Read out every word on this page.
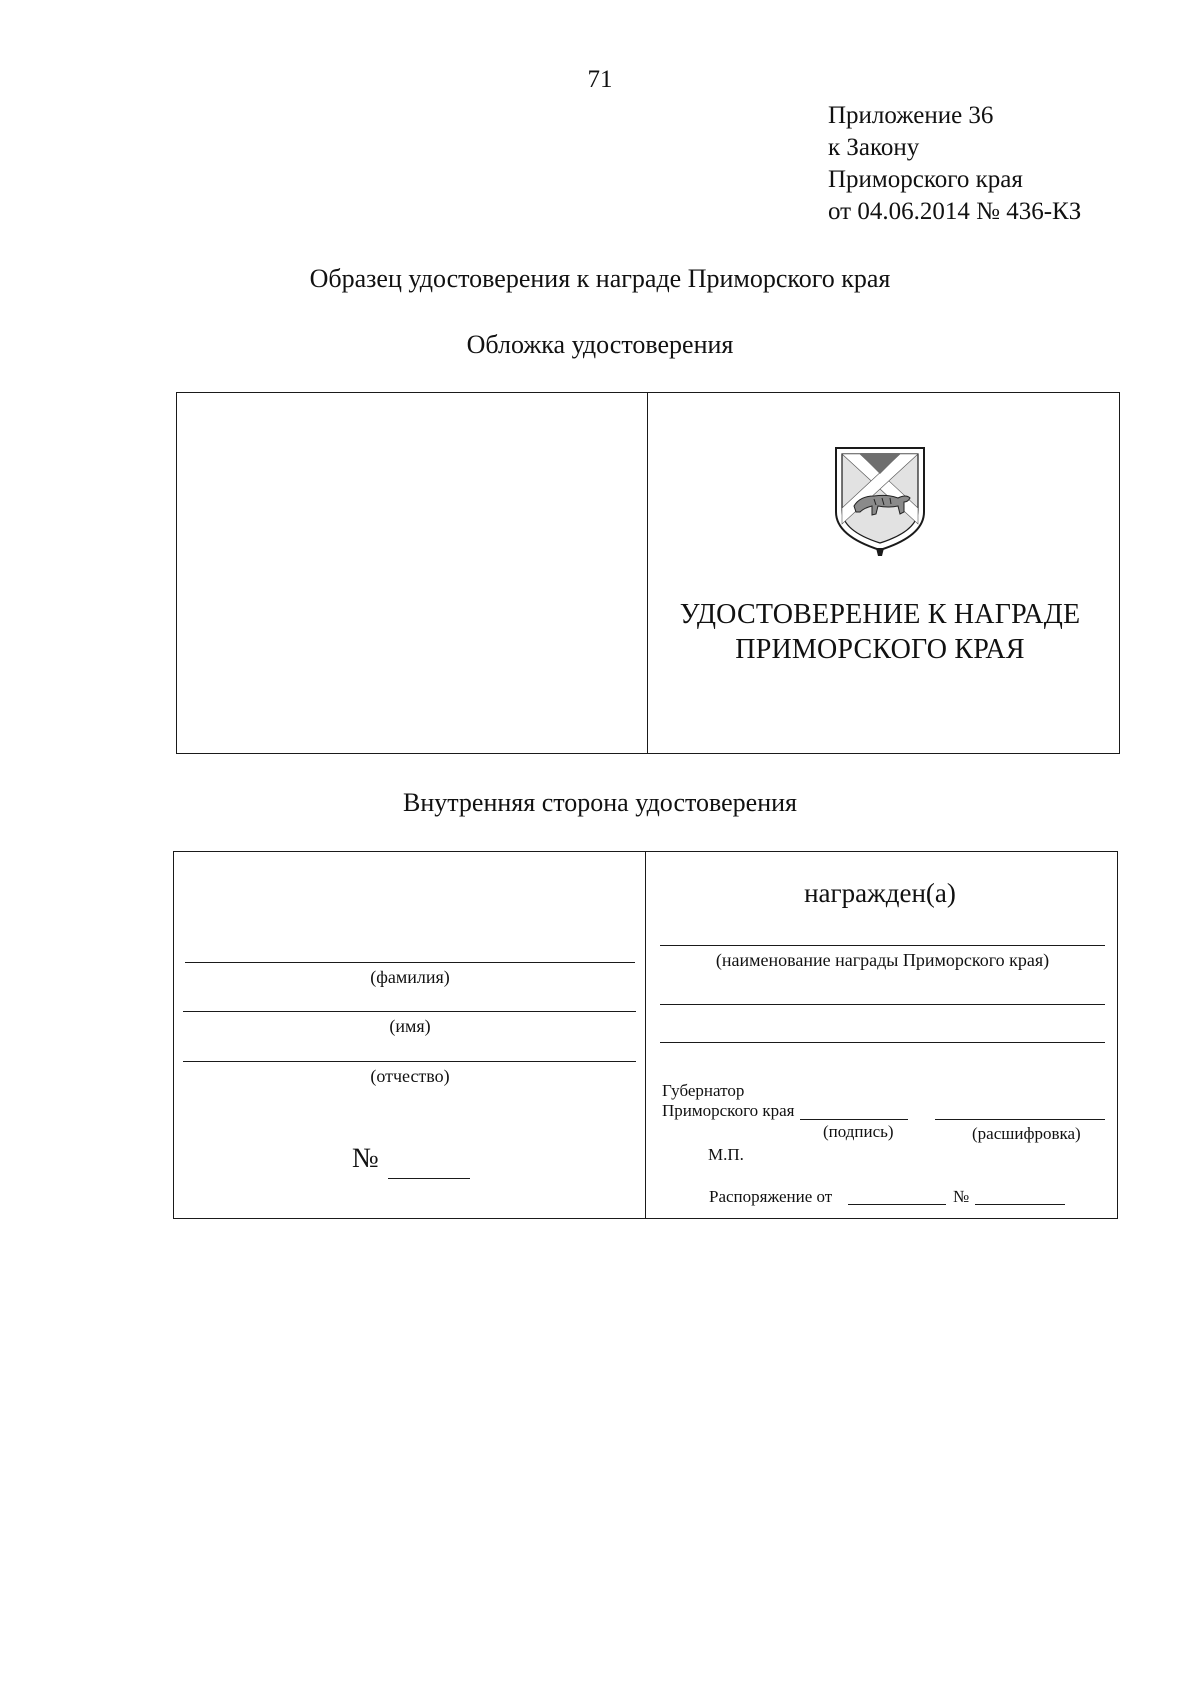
71
Приложение 36
к Закону
Приморского края
от 04.06.2014 № 436-КЗ
Образец удостоверения к награде Приморского края
Обложка удостоверения
УДОСТОВЕРЕНИЕ К НАГРАДЕ
ПРИМОРСКОГО КРАЯ
Внутренняя сторона удостоверения
(фамилия)
(имя)
(отчество)
№
награжден(а)
(наименование награды Приморского края)
Губернатор
Приморского края
(подпись)	(расшифровка)
М.П.
Распоряжение от	№
